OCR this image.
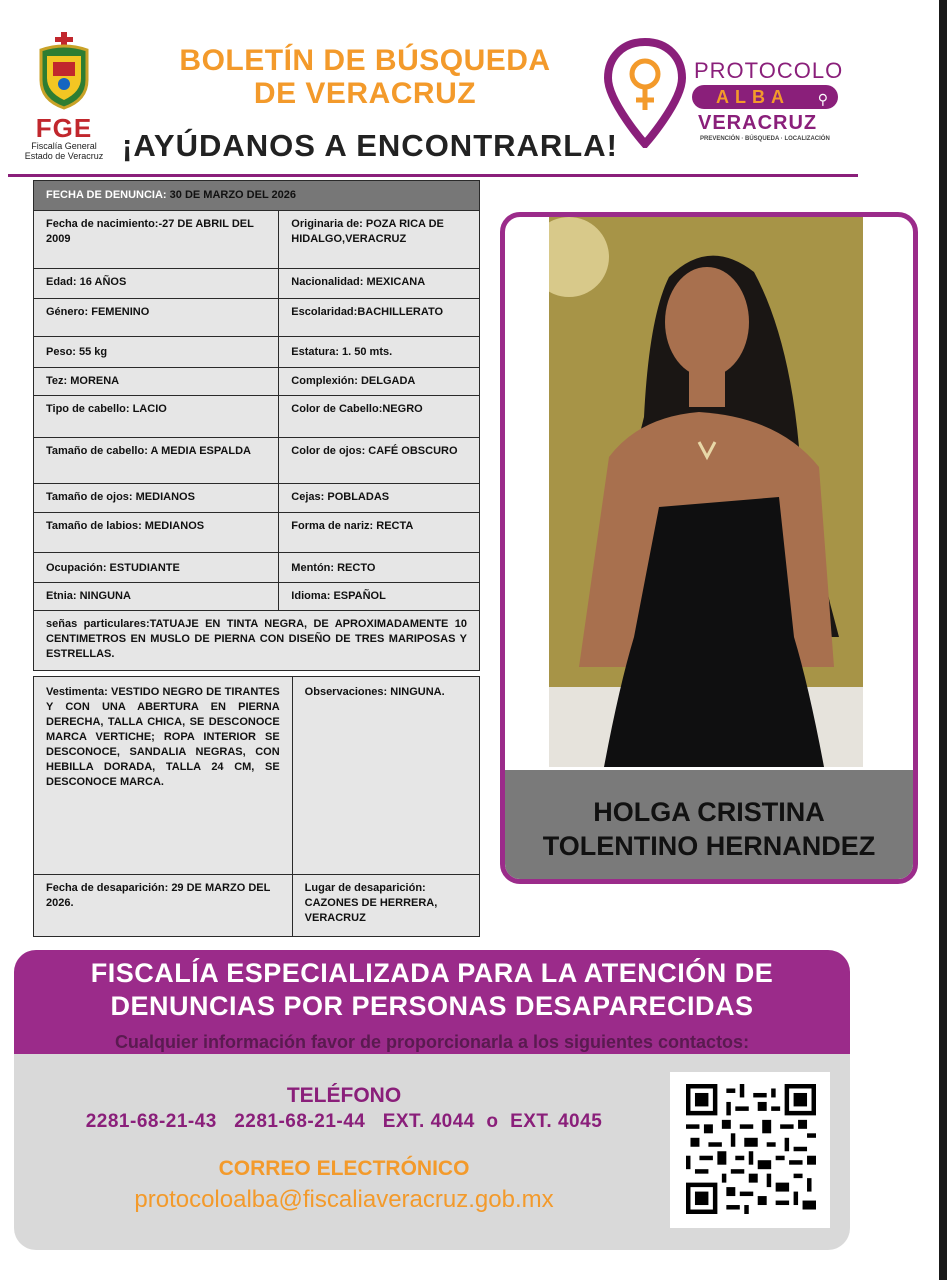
FGE
Fiscalía General
Estado de Veracruz
BOLETÍN DE BÚSQUEDA
DE VERACRUZ
¡AYÚDANOS A ENCONTRARLA!
PROTOCOLO
ALBA ⚲
VERACRUZ
PREVENCIÓN · BÚSQUEDA · LOCALIZACIÓN
FECHA DE DENUNCIA: 30 DE MARZO DEL 2026	
Fecha de nacimiento:-27 DE ABRIL DEL 2009	Originaria de: POZA RICA DE HIDALGO,VERACRUZ
Edad: 16 AÑOS	Nacionalidad: MEXICANA
Género: FEMENINO	Escolaridad:BACHILLERATO
Peso: 55 kg	Estatura: 1. 50 mts.
Tez: MORENA	Complexión: DELGADA
Tipo de cabello: LACIO	Color de Cabello:NEGRO
Tamaño de cabello: A MEDIA ESPALDA	Color de ojos: CAFÉ OBSCURO
Tamaño de ojos: MEDIANOS	Cejas: POBLADAS
Tamaño de labios: MEDIANOS	Forma de nariz: RECTA
Ocupación: ESTUDIANTE	Mentón: RECTO
Etnia: NINGUNA	Idioma: ESPAÑOL
señas particulares:TATUAJE EN TINTA NEGRA, DE APROXIMADAMENTE 10 CENTIMETROS EN MUSLO DE PIERNA CON DISEÑO DE TRES MARIPOSAS Y ESTRELLAS.	
Vestimenta: VESTIDO NEGRO DE TIRANTES Y CON UNA ABERTURA EN PIERNA DERECHA, TALLA CHICA, SE DESCONOCE MARCA VERTICHE; ROPA INTERIOR SE DESCONOCE, SANDALIA NEGRAS, CON HEBILLA DORADA, TALLA 24 CM, SE DESCONOCE MARCA.	Observaciones: NINGUNA.
Fecha de desaparición: 29 DE MARZO DEL 2026.	Lugar de desaparición: CAZONES DE HERRERA, VERACRUZ
HOLGA CRISTINA
TOLENTINO HERNANDEZ
FISCALÍA ESPECIALIZADA PARA LA ATENCIÓN DE
DENUNCIAS POR PERSONAS DESAPARECIDAS
Cualquier información favor de proporcionarla a los siguientes contactos:
TELÉFONO
2281-68-21-43   2281-68-21-44   EXT. 4044  o  EXT. 4045
CORREO ELECTRÓNICO
protocoloalba@fiscaliaveracruz.gob.mx
